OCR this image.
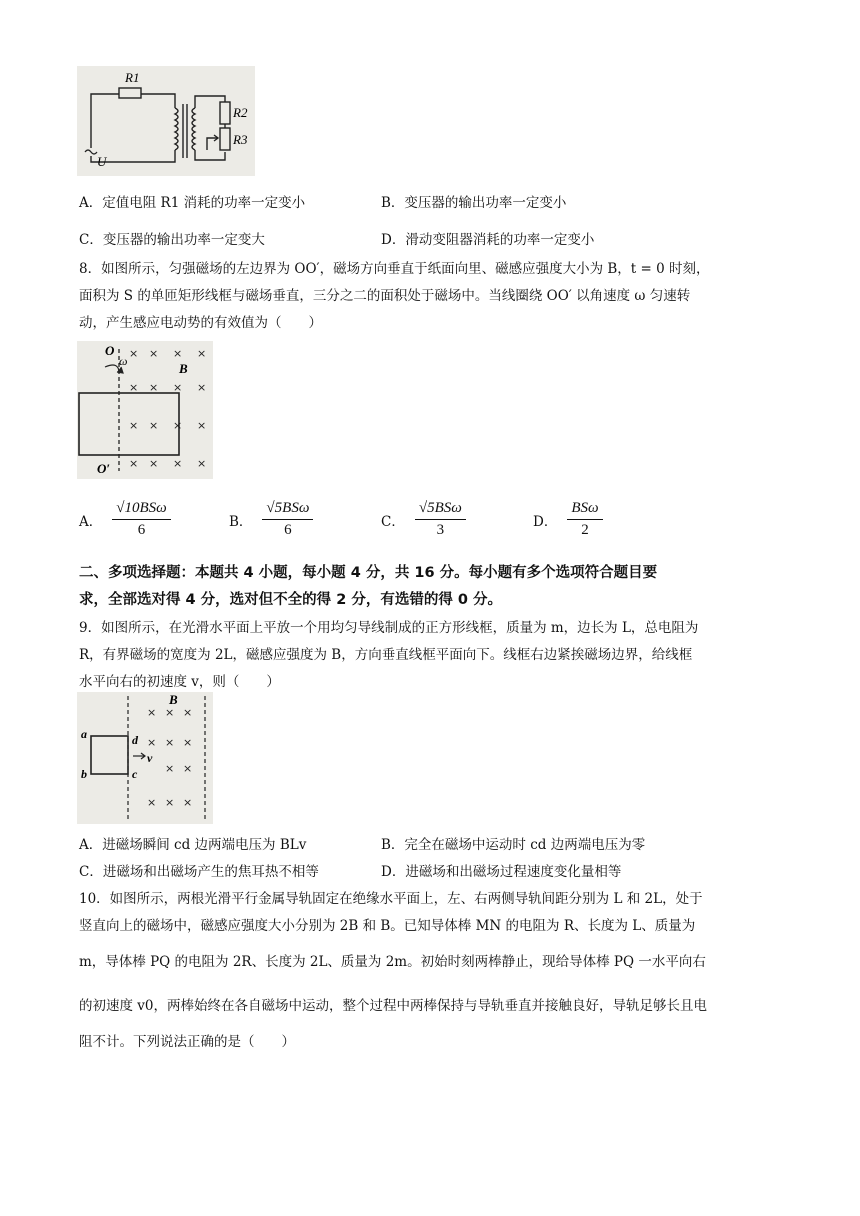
R1
R2
R3
U
A．定值电阻 R1 消耗的功率一定变小	B．变压器的输出功率一定变小
C．变压器的输出功率一定变大	D．滑动变阻器消耗的功率一定变小
8．如图所示，匀强磁场的左边界为 OO′，磁场方向垂直于纸面向里、磁感应强度大小为 B，t = 0 时刻，
面积为 S 的单匝矩形线框与磁场垂直，三分之二的面积处于磁场中。当线圈绕 OO′ 以角速度 ω 匀速转
动，产生感应电动势的有效值为（　　）
× × × ×
× × × ×
× × × ×
× × × ×
O
ω	B
O′
A． $\frac{\text{√10BSω}}{6}$	B． $\frac{\text{√5BSω}}{6}$	C． $\frac{\text{√5BSω}}{3}$	D． $\frac{\text{BSω}}{2}$
二、多项选择题：本题共 4 小题，每小题 4 分，共 16 分。每小题有多个选项符合题目要
求，全部选对得 4 分，选对但不全的得 2 分，有选错的得 0 分。
9．如图所示，在光滑水平面上平放一个用均匀导线制成的正方形线框，质量为 m，边长为 L，总电阻为
R，有界磁场的宽度为 2L，磁感应强度为 B，方向垂直线框平面向下。线框右边紧挨磁场边界，给线框
水平向右的初速度 v，则（　　）
× × ×
× × ×
× ×
× × ×
a
b	c
d
v
B
A．进磁场瞬间 cd 边两端电压为 BLv	B．完全在磁场中运动时 cd 边两端电压为零
C．进磁场和出磁场产生的焦耳热不相等	D．进磁场和出磁场过程速度变化量相等
10．如图所示，两根光滑平行金属导轨固定在绝缘水平面上，左、右两侧导轨间距分别为 L 和 2L，处于
竖直向上的磁场中，磁感应强度大小分别为 2B 和 B。已知导体棒 MN 的电阻为 R、长度为 L、质量为
m，导体棒 PQ 的电阻为 2R、长度为 2L、质量为 2m。初始时刻两棒静止，现给导体棒 PQ 一水平向右
的初速度 v0，两棒始终在各自磁场中运动，整个过程中两棒保持与导轨垂直并接触良好，导轨足够长且电
阻不计。下列说法正确的是（　　）
